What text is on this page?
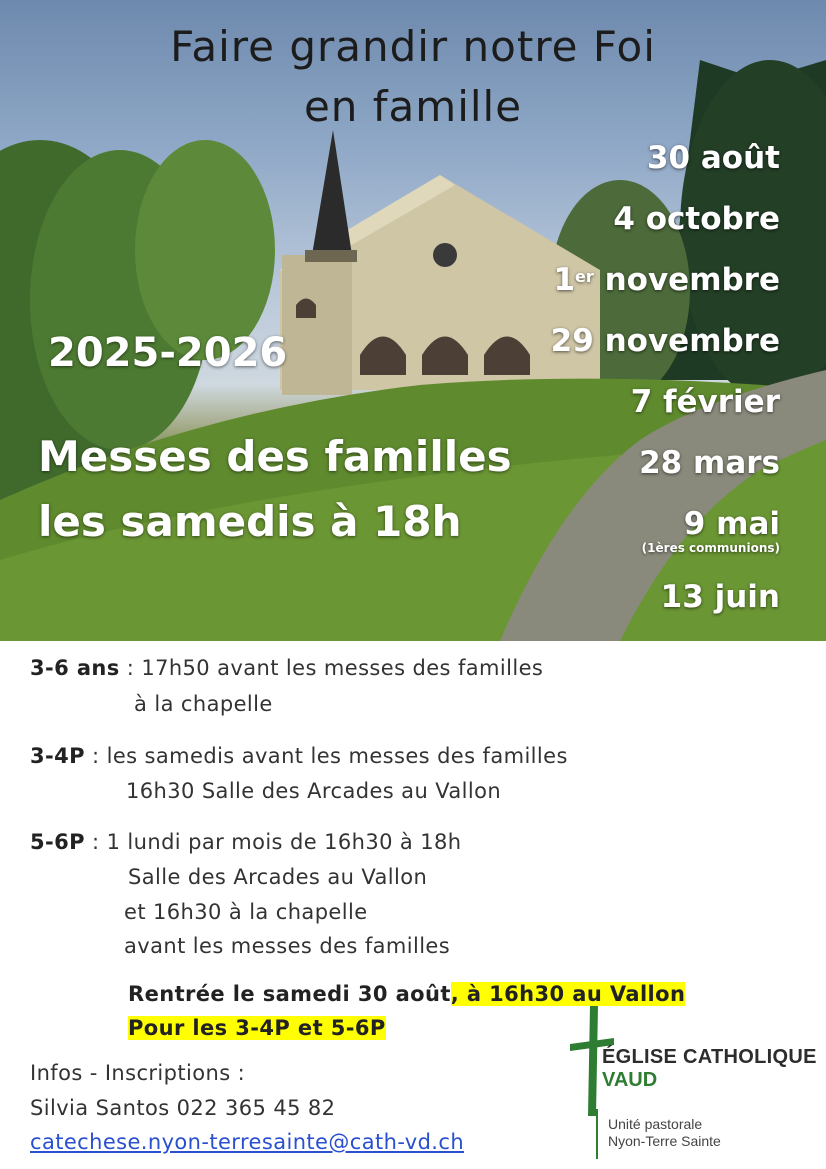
Faire grandir notre Foi
en famille
2025-2026
Messes des familles
les samedis à 18h
30 août
4 octobre
1er novembre
29 novembre
7 février
28 mars
9 mai
(1ères communions)
13 juin
3-6 ans : 17h50 avant les messes des familles
à la chapelle
3-4P : les samedis avant les messes des familles
16h30 Salle des Arcades au Vallon
5-6P : 1 lundi par mois de 16h30 à 18h
Salle des Arcades au Vallon
et 16h30 à la chapelle
avant les messes des familles
Rentrée le samedi 30 août, à 16h30 au Vallon
Pour les 3-4P et 5-6P
Infos - Inscriptions :
Silvia Santos 022 365 45 82
catechese.nyon-terresainte@cath-vd.ch
ÉGLISE CATHOLIQUE
VAUD
Unité pastorale
Nyon-Terre Sainte
